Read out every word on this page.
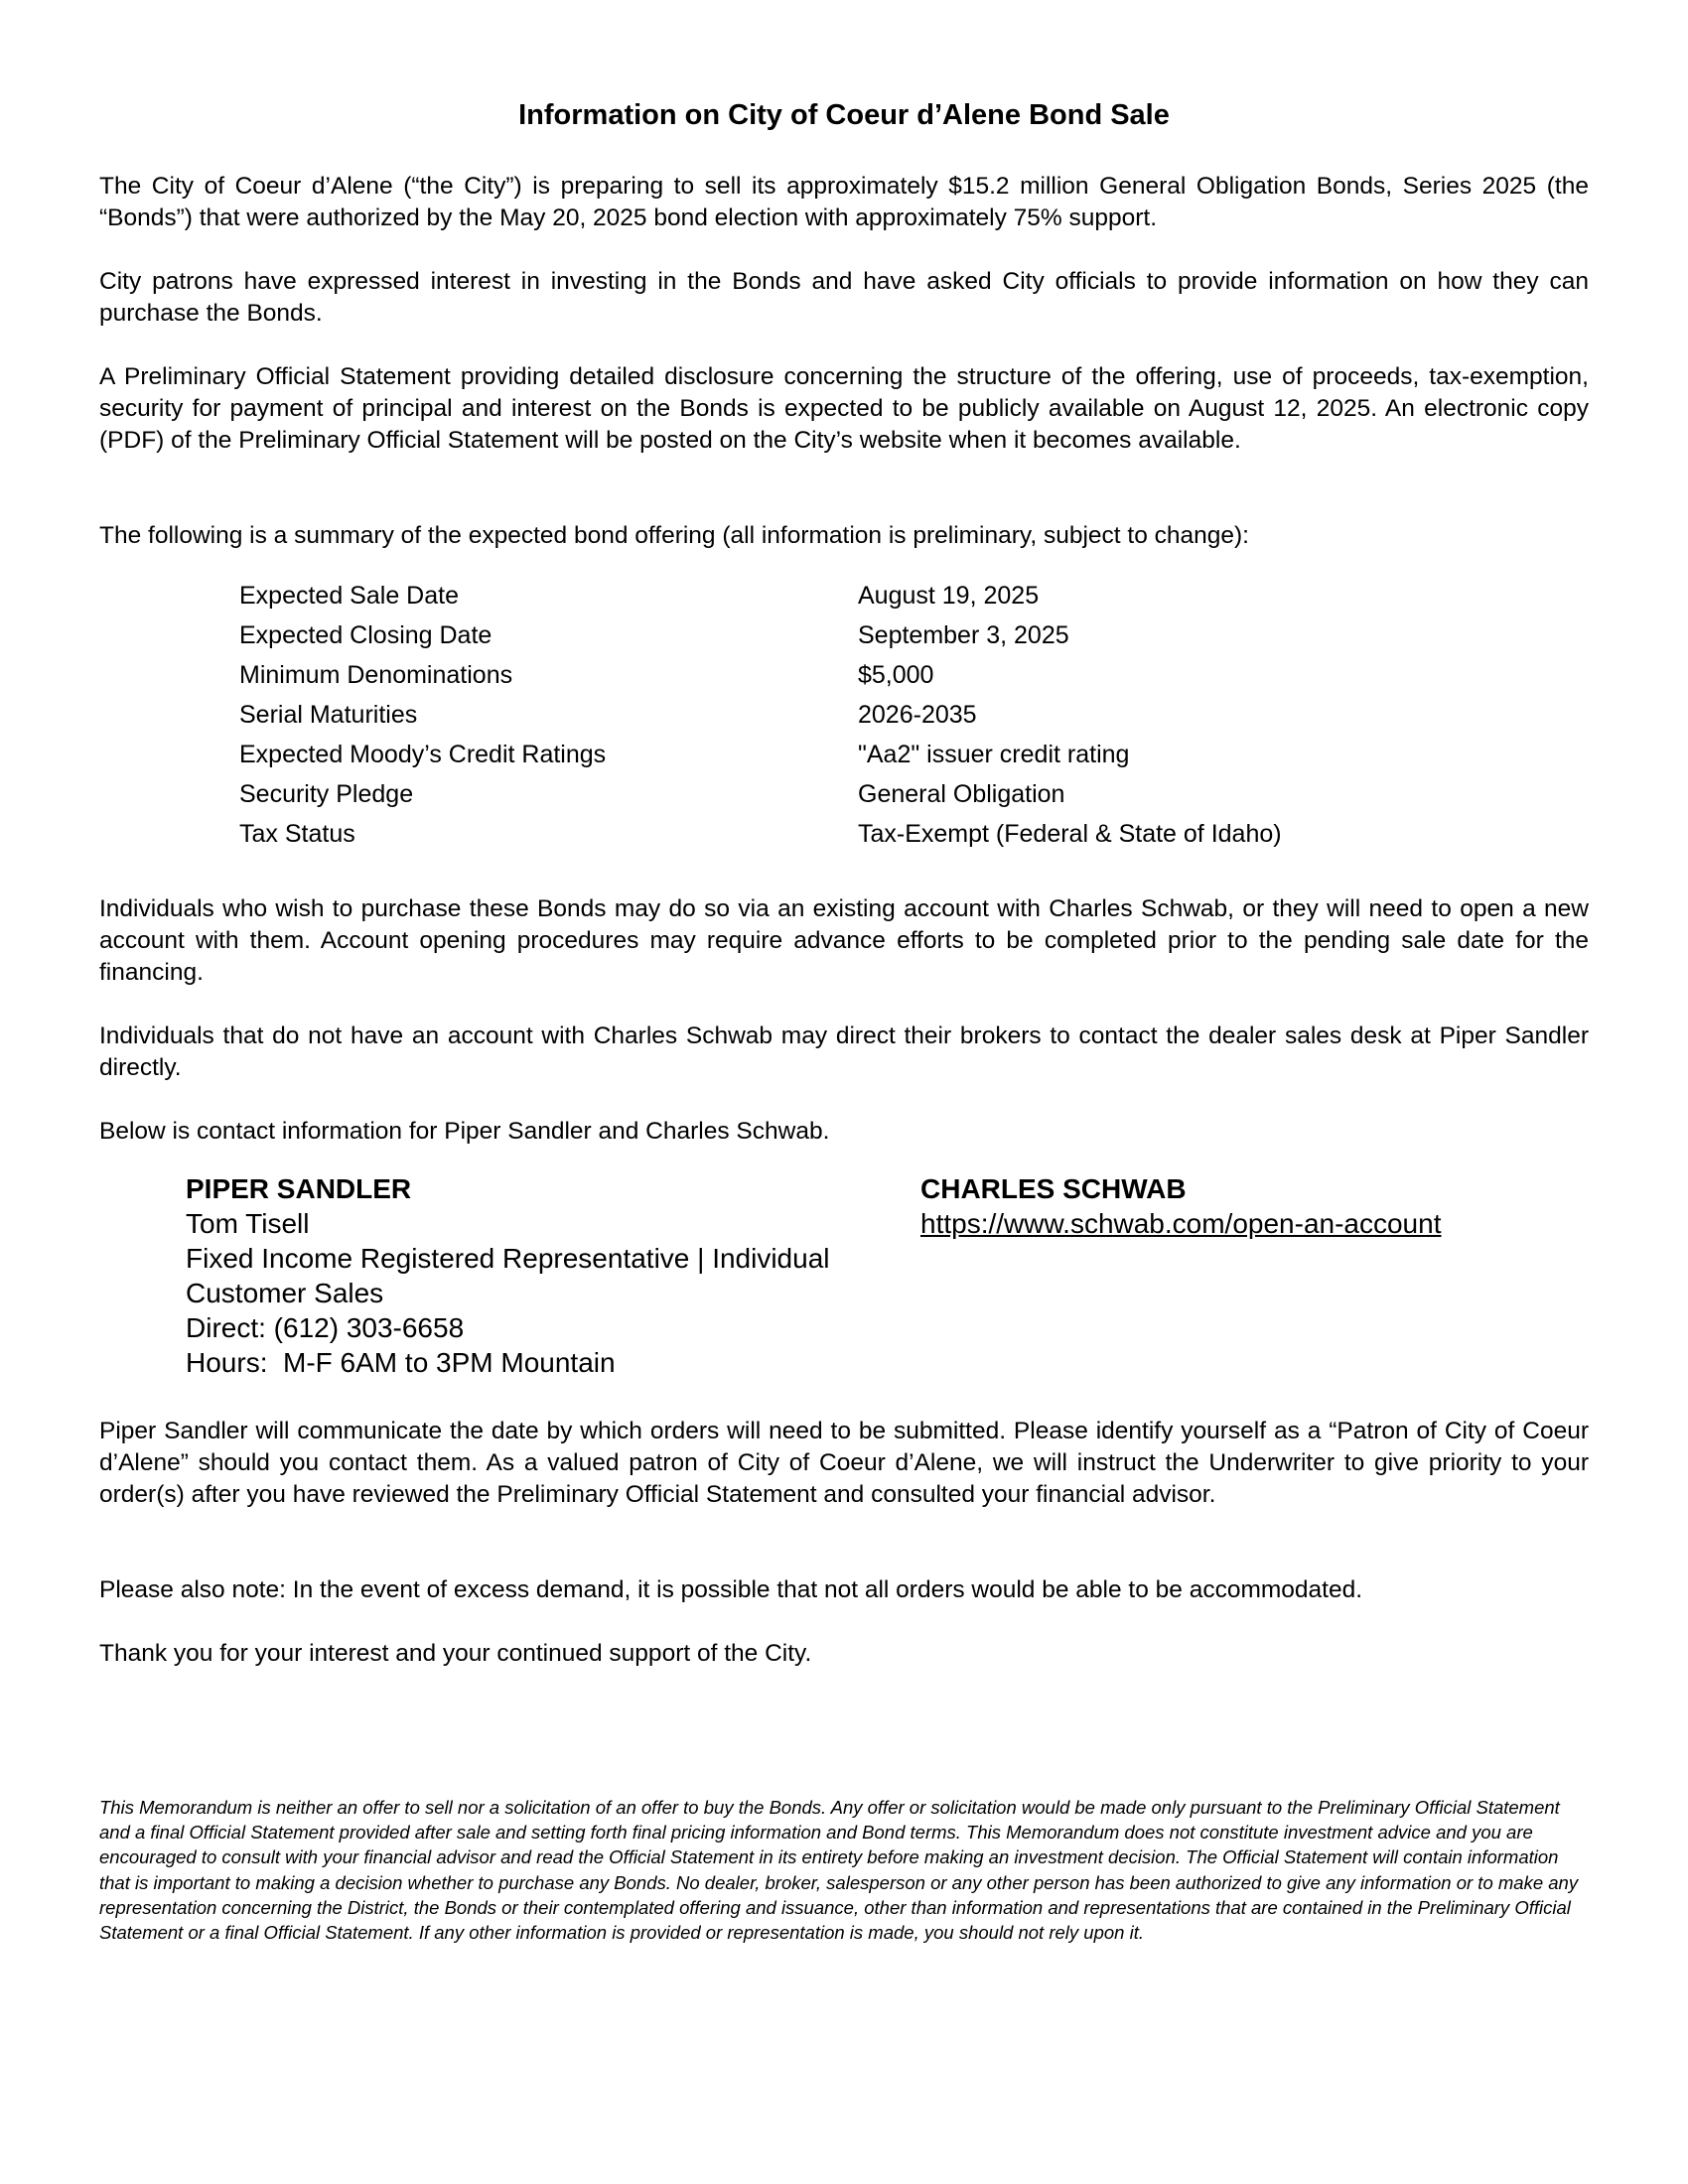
Information on City of Coeur d’Alene Bond Sale
The City of Coeur d’Alene (“the City”) is preparing to sell its approximately $15.2 million General Obligation Bonds, Series 2025 (the “Bonds”) that were authorized by the May 20, 2025 bond election with approximately 75% support.
City patrons have expressed interest in investing in the Bonds and have asked City officials to provide information on how they can purchase the Bonds.
A Preliminary Official Statement providing detailed disclosure concerning the structure of the offering, use of proceeds, tax-exemption, security for payment of principal and interest on the Bonds is expected to be publicly available on August 12, 2025. An electronic copy (PDF) of the Preliminary Official Statement will be posted on the City’s website when it becomes available.
The following is a summary of the expected bond offering (all information is preliminary, subject to change):
Expected Sale Date	August 19, 2025
Expected Closing Date	September 3, 2025
Minimum Denominations	$5,000
Serial Maturities	2026-2035
Expected Moody’s Credit Ratings	"Aa2" issuer credit rating
Security Pledge	General Obligation
Tax Status	Tax-Exempt (Federal & State of Idaho)
Individuals who wish to purchase these Bonds may do so via an existing account with Charles Schwab, or they will need to open a new account with them. Account opening procedures may require advance efforts to be completed prior to the pending sale date for the financing.
Individuals that do not have an account with Charles Schwab may direct their brokers to contact the dealer sales desk at Piper Sandler directly.
Below is contact information for Piper Sandler and Charles Schwab.
PIPER SANDLER
Tom Tisell
Fixed Income Registered Representative | Individual
Customer Sales
Direct: (612) 303-6658
Hours:  M-F 6AM to 3PM Mountain
CHARLES SCHWAB
https://www.schwab.com/open-an-account
Piper Sandler will communicate the date by which orders will need to be submitted. Please identify yourself as a “Patron of City of Coeur d’Alene” should you contact them. As a valued patron of City of Coeur d’Alene, we will instruct the Underwriter to give priority to your order(s) after you have reviewed the Preliminary Official Statement and consulted your financial advisor.
Please also note: In the event of excess demand, it is possible that not all orders would be able to be accommodated.
Thank you for your interest and your continued support of the City.
This Memorandum is neither an offer to sell nor a solicitation of an offer to buy the Bonds. Any offer or solicitation would be made only pursuant to the Preliminary Official Statement and a final Official Statement provided after sale and setting forth final pricing information and Bond terms. This Memorandum does not constitute investment advice and you are encouraged to consult with your financial advisor and read the Official Statement in its entirety before making an investment decision. The Official Statement will contain information that is important to making a decision whether to purchase any Bonds. No dealer, broker, salesperson or any other person has been authorized to give any information or to make any representation concerning the District, the Bonds or their contemplated offering and issuance, other than information and representations that are contained in the Preliminary Official Statement or a final Official Statement. If any other information is provided or representation is made, you should not rely upon it.
